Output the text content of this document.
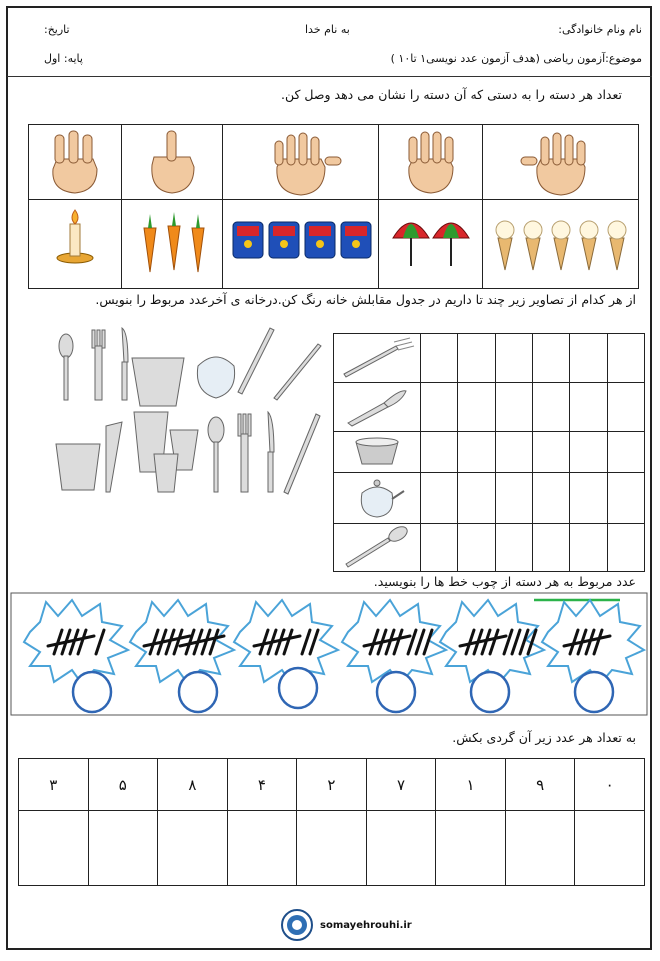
نام ونام خانوادگی:
به نام خدا
تاریخ:
موضوع:آزمون ریاضی (هدف آزمون عدد نویسی۱ تا۱۰ )
پایه: اول
تعداد هر دسته را به دستی که آن دسته را نشان می دهد وصل کن.

از هر کدام از تصاویر زیر چند تا داریم در جدول مقابلش خانه رنگ کن.درخانه ی آخرعدد مربوط را بنویس.

عدد مربوط به هر دسته از چوب خط ها را بنویسید.
به تعداد هر عدد زیر آن گردی بکش.
۳	۵	۸	۴	۲	۷	۱	۹	۰

somayehrouhi.ir
